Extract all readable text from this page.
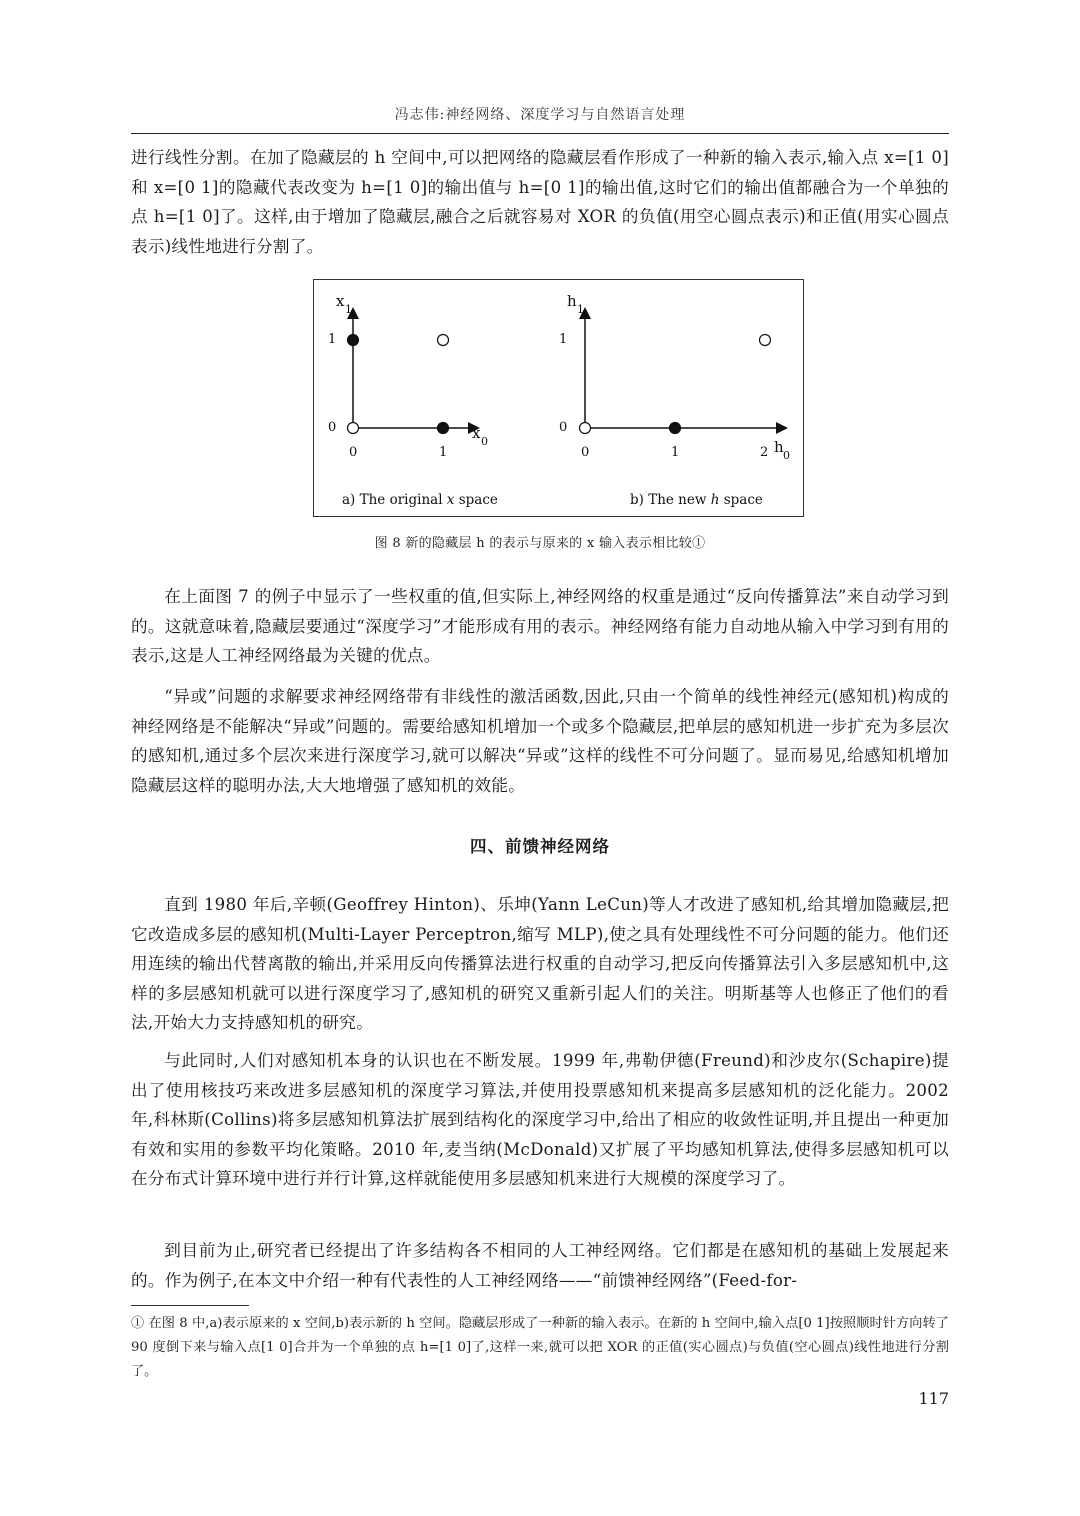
冯志伟:神经网络、深度学习与自然语言处理

进行线性分割。在加了隐藏层的 h 空间中,可以把网络的隐藏层看作形成了一种新的输入表示,输入点 x=[1 0]和 x=[0 1]的隐藏代表改变为 h=[1 0]的输出值与 h=[0 1]的输出值,这时它们的输出值都融合为一个单独的点 h=[1 0]了。这样,由于增加了隐藏层,融合之后就容易对 XOR 的负值(用空心圆点表示)和正值(用实心圆点表示)线性地进行分割了。

x 1
x 0
1
0
0	1
a) The original x space
h 1
h 0
1
0
0	1	2
b) The new h space
图 8 新的隐藏层 h 的表示与原来的 x 输入表示相比较①

在上面图 7 的例子中显示了一些权重的值,但实际上,神经网络的权重是通过“反向传播算法”来自动学习到的。这就意味着,隐藏层要通过“深度学习”才能形成有用的表示。神经网络有能力自动地从输入中学习到有用的表示,这是人工神经网络最为关键的优点。

“异或”问题的求解要求神经网络带有非线性的激活函数,因此,只由一个简单的线性神经元(感知机)构成的神经网络是不能解决“异或”问题的。需要给感知机增加一个或多个隐藏层,把单层的感知机进一步扩充为多层次的感知机,通过多个层次来进行深度学习,就可以解决“异或”这样的线性不可分问题了。显而易见,给感知机增加隐藏层这样的聪明办法,大大地增强了感知机的效能。

四、前馈神经网络

直到 1980 年后,辛顿(Geoffrey Hinton)、乐坤(Yann LeCun)等人才改进了感知机,给其增加隐藏层,把它改造成多层的感知机(Multi-Layer Perceptron,缩写 MLP),使之具有处理线性不可分问题的能力。他们还用连续的输出代替离散的输出,并采用反向传播算法进行权重的自动学习,把反向传播算法引入多层感知机中,这样的多层感知机就可以进行深度学习了,感知机的研究又重新引起人们的关注。明斯基等人也修正了他们的看法,开始大力支持感知机的研究。

与此同时,人们对感知机本身的认识也在不断发展。1999 年,弗勒伊德(Freund)和沙皮尔(Schapire)提出了使用核技巧来改进多层感知机的深度学习算法,并使用投票感知机来提高多层感知机的泛化能力。2002 年,科林斯(Collins)将多层感知机算法扩展到结构化的深度学习中,给出了相应的收敛性证明,并且提出一种更加有效和实用的参数平均化策略。2010 年,麦当纳(McDonald)又扩展了平均感知机算法,使得多层感知机可以在分布式计算环境中进行并行计算,这样就能使用多层感知机来进行大规模的深度学习了。

到目前为止,研究者已经提出了许多结构各不相同的人工神经网络。它们都是在感知机的基础上发展起来的。作为例子,在本文中介绍一种有代表性的人工神经网络——“前馈神经网络”(Feed-for-

① 在图 8 中,a)表示原来的 x 空间,b)表示新的 h 空间。隐藏层形成了一种新的输入表示。在新的 h 空间中,输入点[0 1]按照顺时针方向转了 90 度倒下来与输入点[1 0]合并为一个单独的点 h=[1 0]了,这样一来,就可以把 XOR 的正值(实心圆点)与负值(空心圆点)线性地进行分割了。

117
